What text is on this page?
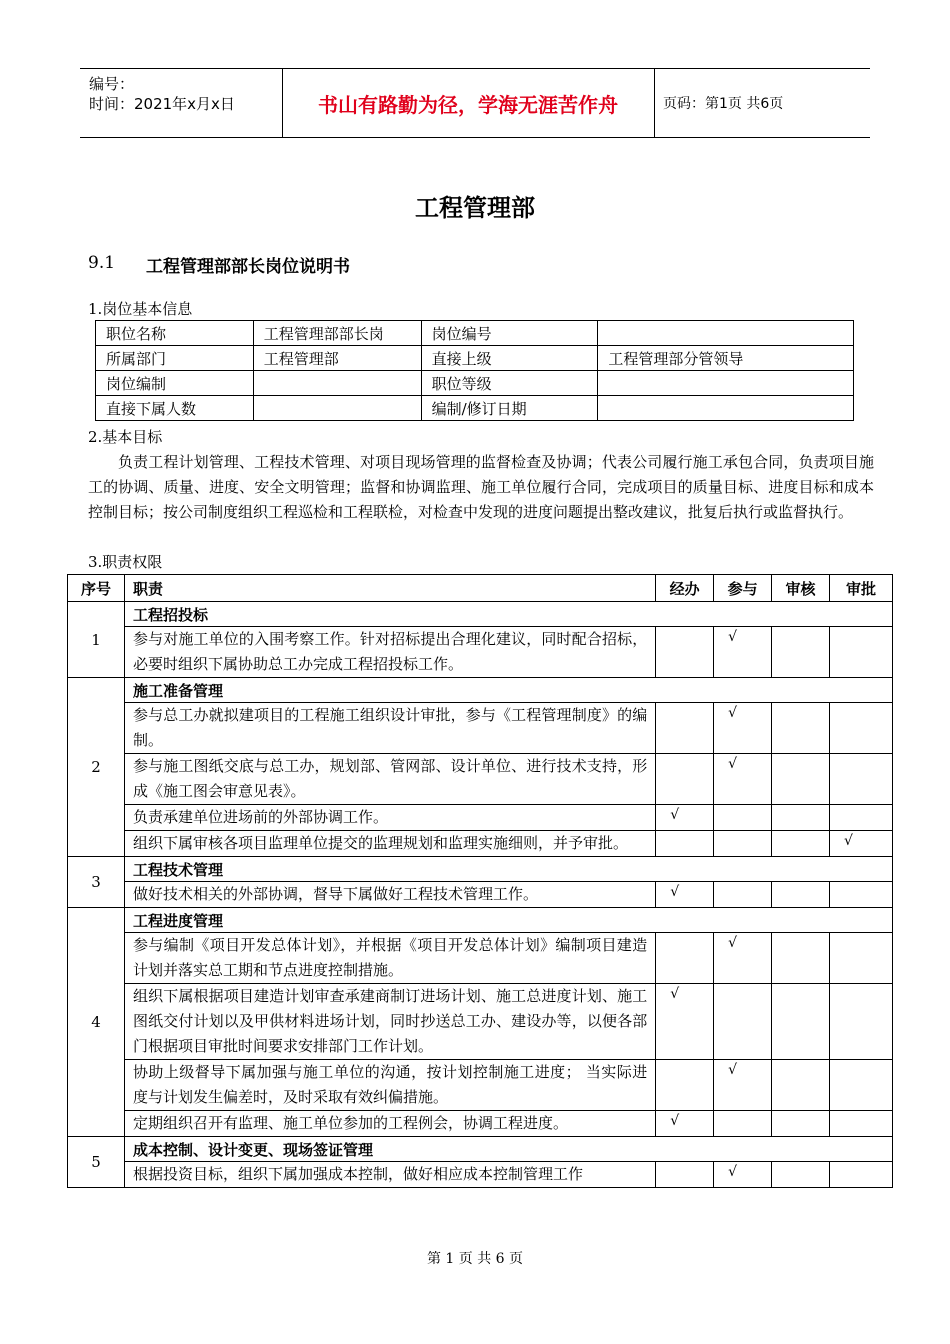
编号：
时间：2021年x月x日	书山有路勤为径，学海无涯苦作舟	页码：第1页 共6页
工程管理部
9.1 工程管理部部长岗位说明书
1.岗位基本信息
职位名称	工程管理部部长岗	岗位编号	
所属部门	工程管理部	直接上级	工程管理部分管领导
岗位编制		职位等级	
直接下属人数		编制/修订日期	
2.基本目标
负责工程计划管理、工程技术管理、对项目现场管理的监督检查及协调；代表公司履行施工承包合同，负责项目施工的协调、质量、进度、安全文明管理；监督和协调监理、施工单位履行合同，完成项目的质量目标、进度目标和成本控制目标；按公司制度组织工程巡检和工程联检，对检查中发现的进度问题提出整改建议，批复后执行或监督执行。
3.职责权限
序号	职责	经办	参与	审核	审批
1	工程招投标				
	参与对施工单位的入围考察工作。针对招标提出合理化建议，同时配合招标，必要时组织下属协助总工办完成工程招投标工作。		√		
2	施工准备管理				
	参与总工办就拟建项目的工程施工组织设计审批，参与《工程管理制度》的编制。		√		
	参与施工图纸交底与总工办，规划部、管网部、设计单位、进行技术支持，形成《施工图会审意见表》。		√		
	负责承建单位进场前的外部协调工作。	√			
	组织下属审核各项目监理单位提交的监理规划和监理实施细则，并予审批。				√
3	工程技术管理				
	做好技术相关的外部协调，督导下属做好工程技术管理工作。	√			
4	工程进度管理				
	参与编制《项目开发总体计划》，并根据《项目开发总体计划》编制项目建造计划并落实总工期和节点进度控制措施。		√		
	组织下属根据项目建造计划审查承建商制订进场计划、施工总进度计划、施工图纸交付计划以及甲供材料进场计划，同时抄送总工办、建设办等，以便各部门根据项目审批时间要求安排部门工作计划。	√			
	协助上级督导下属加强与施工单位的沟通，按计划控制施工进度； 当实际进度与计划发生偏差时，及时采取有效纠偏措施。		√		
	定期组织召开有监理、施工单位参加的工程例会，协调工程进度。	√			
5	成本控制、设计变更、现场签证管理				
	根据投资目标，组织下属加强成本控制，做好相应成本控制管理工作		√		
第 1 页 共 6 页
